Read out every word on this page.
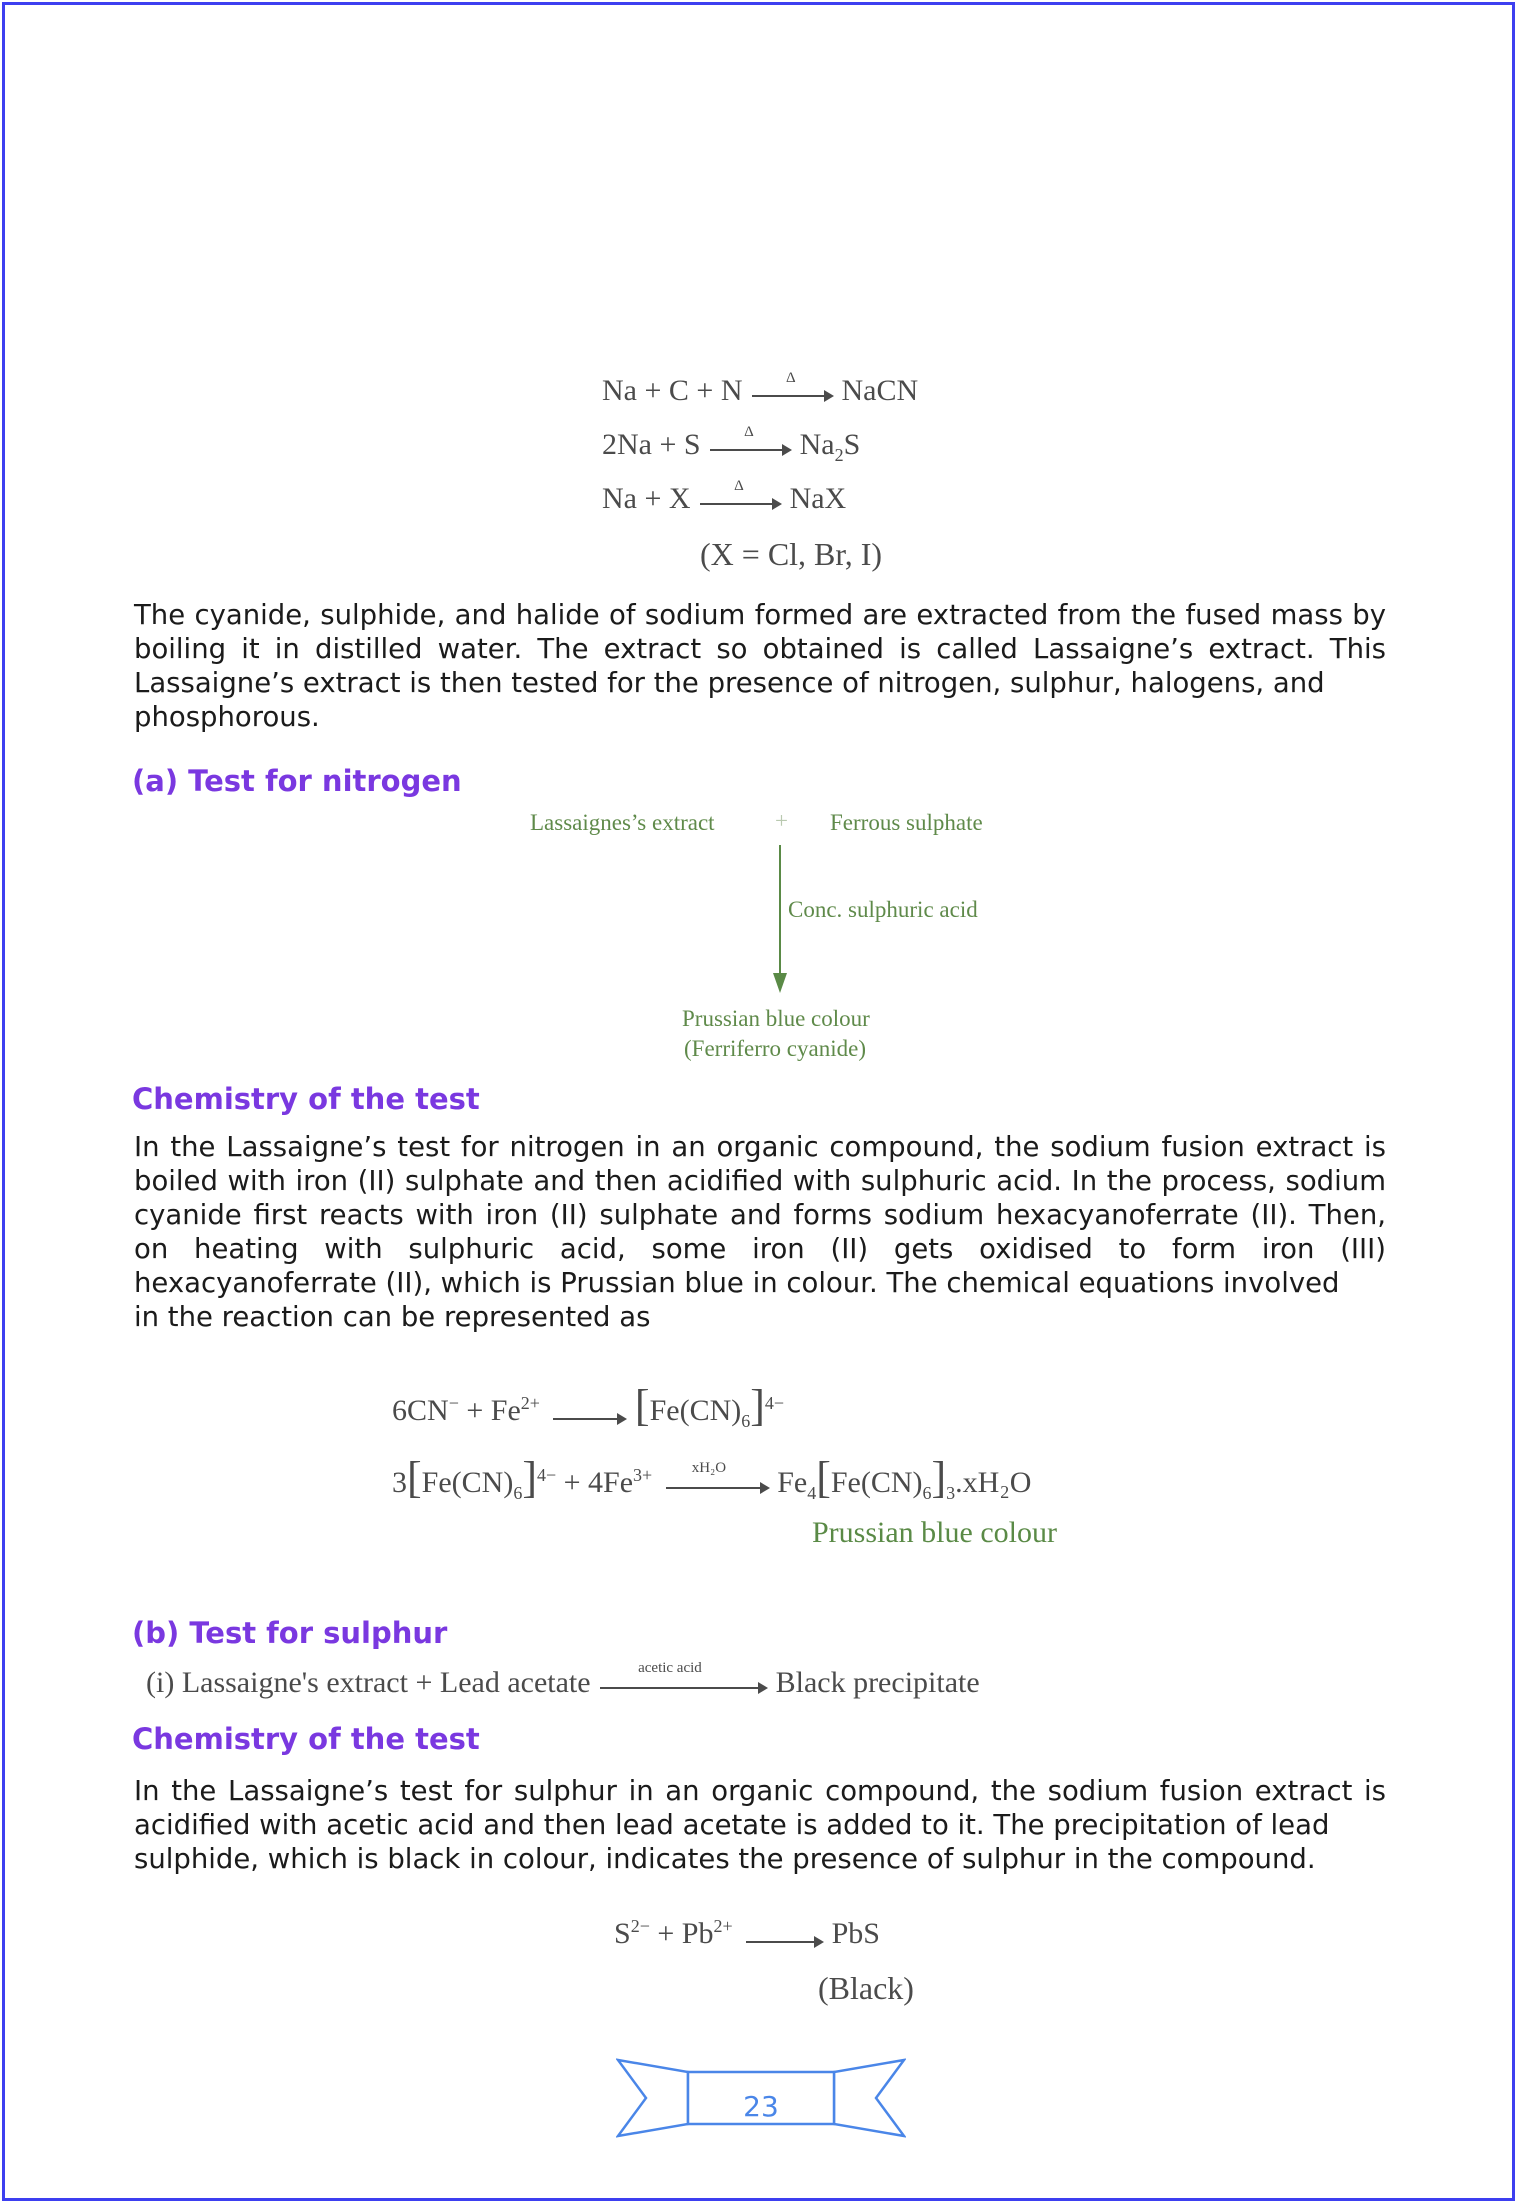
Na + C + N	Δ NaCN
2Na + S	Δ $Na_2S$
Na + X	Δ NaX
(X = Cl, Br, I)
The cyanide, sulphide, and halide of sodium formed are extracted from the fused mass by boiling it in distilled water. The extract so obtained is called Lassaigne’s extract. This Lassaigne’s extract is then tested for the presence of nitrogen, sulphur, halogens, and
phosphorous.
(a) Test for nitrogen
Lassaignes’s extract	+ Ferrous sulphate
Conc. sulphuric acid
Prussian blue colour
(Ferriferro cyanide)
Chemistry of the test
In the Lassaigne’s test for nitrogen in an organic compound, the sodium fusion extract is boiled with iron (II) sulphate and then acidified with sulphuric acid. In the process, sodium cyanide first reacts with iron (II) sulphate and forms sodium hexacyanoferrate (II). Then, on heating with sulphuric acid, some iron (II) gets oxidised to form iron (III) hexacyanoferrate (II), which is Prussian blue in colour. The chemical equations involved
in the reaction can be represented as
$6CN^- + Fe^{2+}$ $[Fe(CN)_6]^{4-}$
$3[Fe(CN)_6]^{4-} + 4Fe^{3+}$	xH₂O $Fe_4[Fe(CN)_6]_3.xH_2O$
Prussian blue colour
(b) Test for sulphur
(i) Lassaigne's extract + Lead acetate	acetic acid Black precipitate
Chemistry of the test
In the Lassaigne’s test for sulphur in an organic compound, the sodium fusion extract is acidified with acetic acid and then lead acetate is added to it. The precipitation of lead
sulphide, which is black in colour, indicates the presence of sulphur in the compound.
$S^{2-} + Pb^{2+}$	PbS
(Black)
23
